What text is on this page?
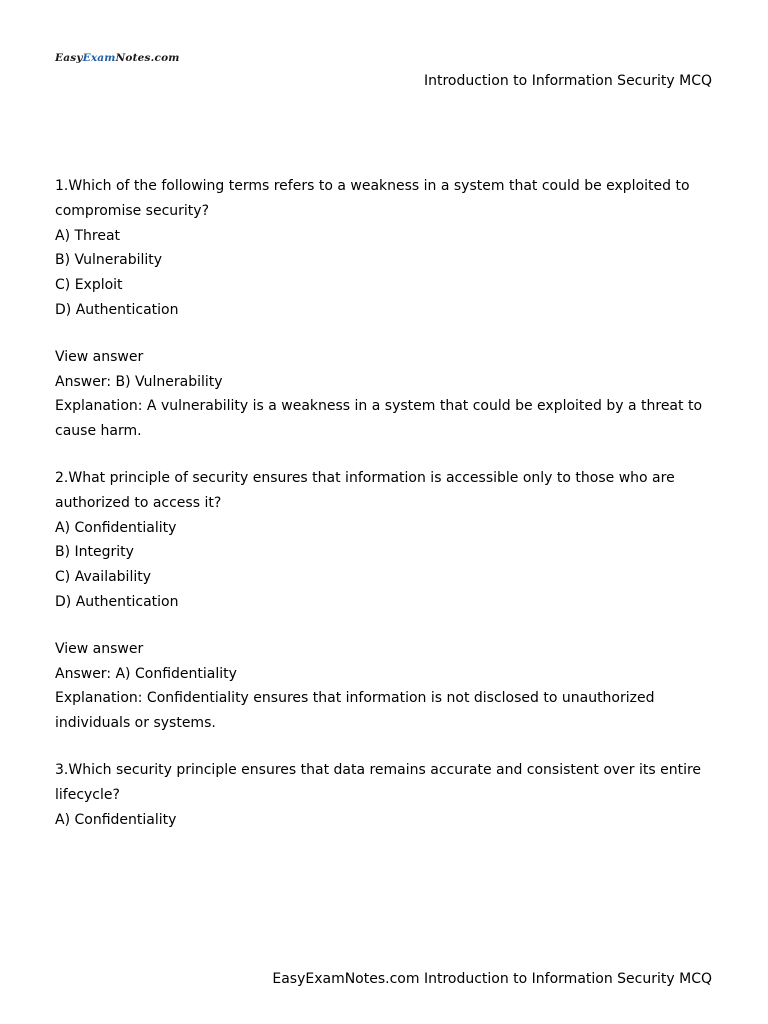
EasyExamNotes.com
Introduction to Information Security MCQ
1.Which of the following terms refers to a weakness in a system that could be exploited to compromise security?
A) Threat
B) Vulnerability
C) Exploit
D) Authentication
View answer
Answer: B) Vulnerability
Explanation: A vulnerability is a weakness in a system that could be exploited by a threat to cause harm.
2.What principle of security ensures that information is accessible only to those who are authorized to access it?
A) Confidentiality
B) Integrity
C) Availability
D) Authentication
View answer
Answer: A) Confidentiality
Explanation: Confidentiality ensures that information is not disclosed to unauthorized individuals or systems.
3.Which security principle ensures that data remains accurate and consistent over its entire lifecycle?
A) Confidentiality
EasyExamNotes.com Introduction to Information Security MCQ
